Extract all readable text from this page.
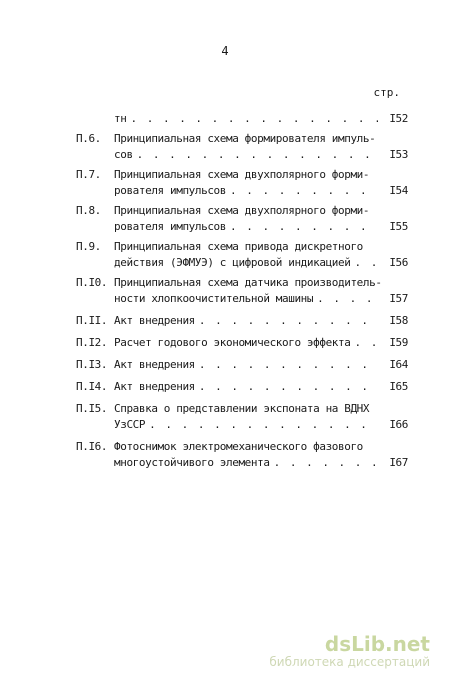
4
стр.
тн . . .	I52
П.6. Принципиальная схема формирователя импуль-
сов . . .	I53
П.7. Принципиальная схема двухполярного форми-
рователя импульсов . . .	I54
П.8. Принципиальная схема двухполярного форми-
рователя импульсов . . .	I55
П.9. Принципиальная схема привода дискретного
действия (ЭФМУЭ) с цифровой индикацией . . .	I56
П.I0. Принципиальная схема датчика производитель-
ности хлопкоочистительной машины . . .	I57
П.II. Акт внедрения . . .	I58
П.I2. Расчет годового экономического эффекта . . .	I59
П.I3. Акт внедрения . . .	I64
П.I4. Акт внедрения . . .	I65
П.I5. Справка о представлении экспоната на ВДНХ
УзССР . . .	I66
П.I6. Фотоснимок электромеханического фазового
многоустойчивого элемента . . .	I67
dsLib.net
библиотека диссертаций
